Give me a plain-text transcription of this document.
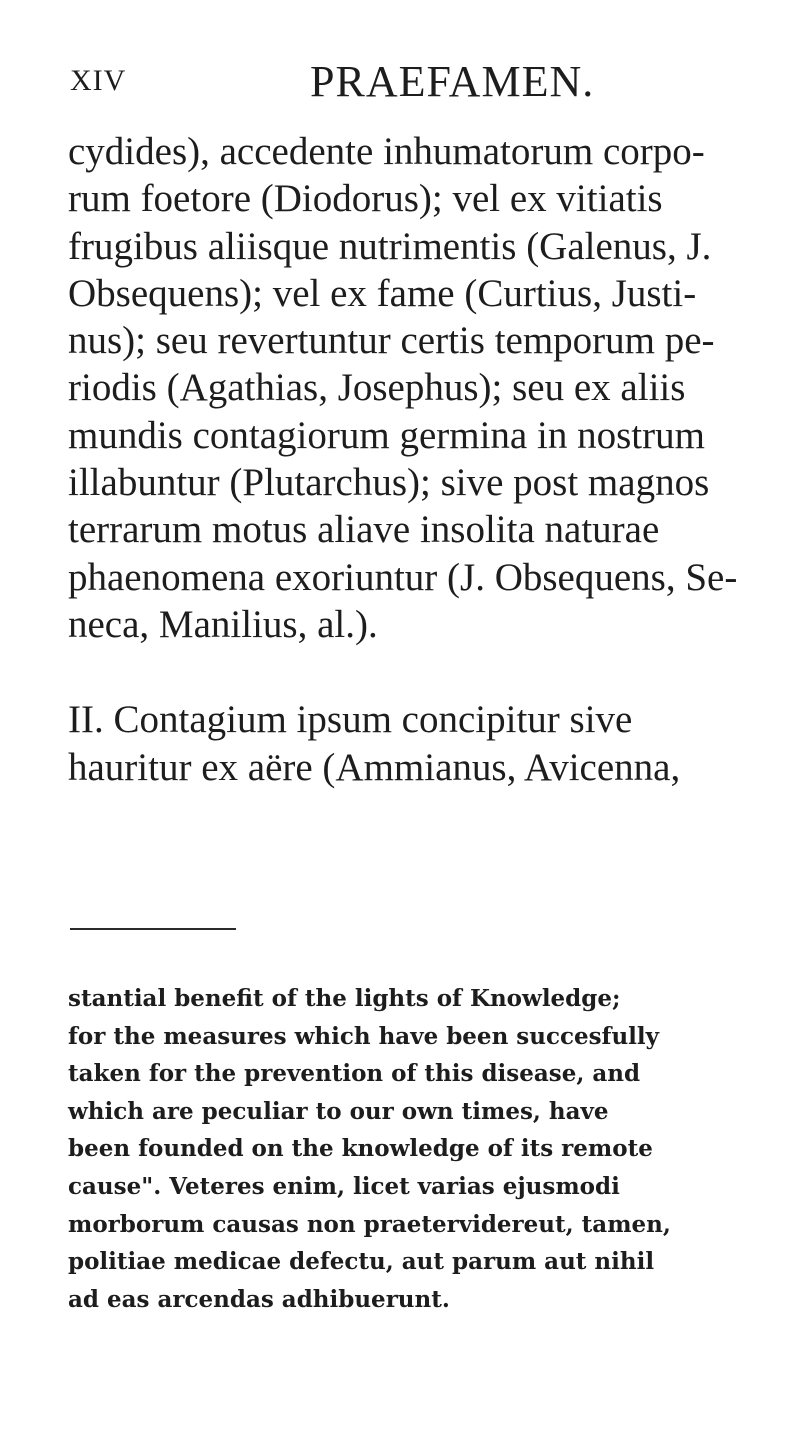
XIV	PRAEFAMEN.
cydides), accedente inhumatorum corpo-
rum foetore (Diodorus); vel ex vitiatis
frugibus aliisque nutrimentis (Galenus, J.
Obsequens); vel ex fame (Curtius, Justi-
nus); seu revertuntur certis temporum pe-
riodis (Agathias, Josephus); seu ex aliis
mundis contagiorum germina in nostrum
illabuntur (Plutarchus); sive post magnos
terrarum motus aliave insolita naturae
phaenomena exoriuntur (J. Obsequens, Se-
neca, Manilius, al.).
II. Contagium ipsum concipitur sive
hauritur ex aëre (Ammianus, Avicenna,
stantial benefit of the lights of Knowledge;
for the measures which have been succesfully
taken for the prevention of this disease, and
which are peculiar to our own times, have
been founded on the knowledge of its remote
cause". Veteres enim, licet varias ejusmodi
morborum causas non praetervidereut, tamen,
politiae medicae defectu, aut parum aut nihil
ad eas arcendas adhibuerunt.
